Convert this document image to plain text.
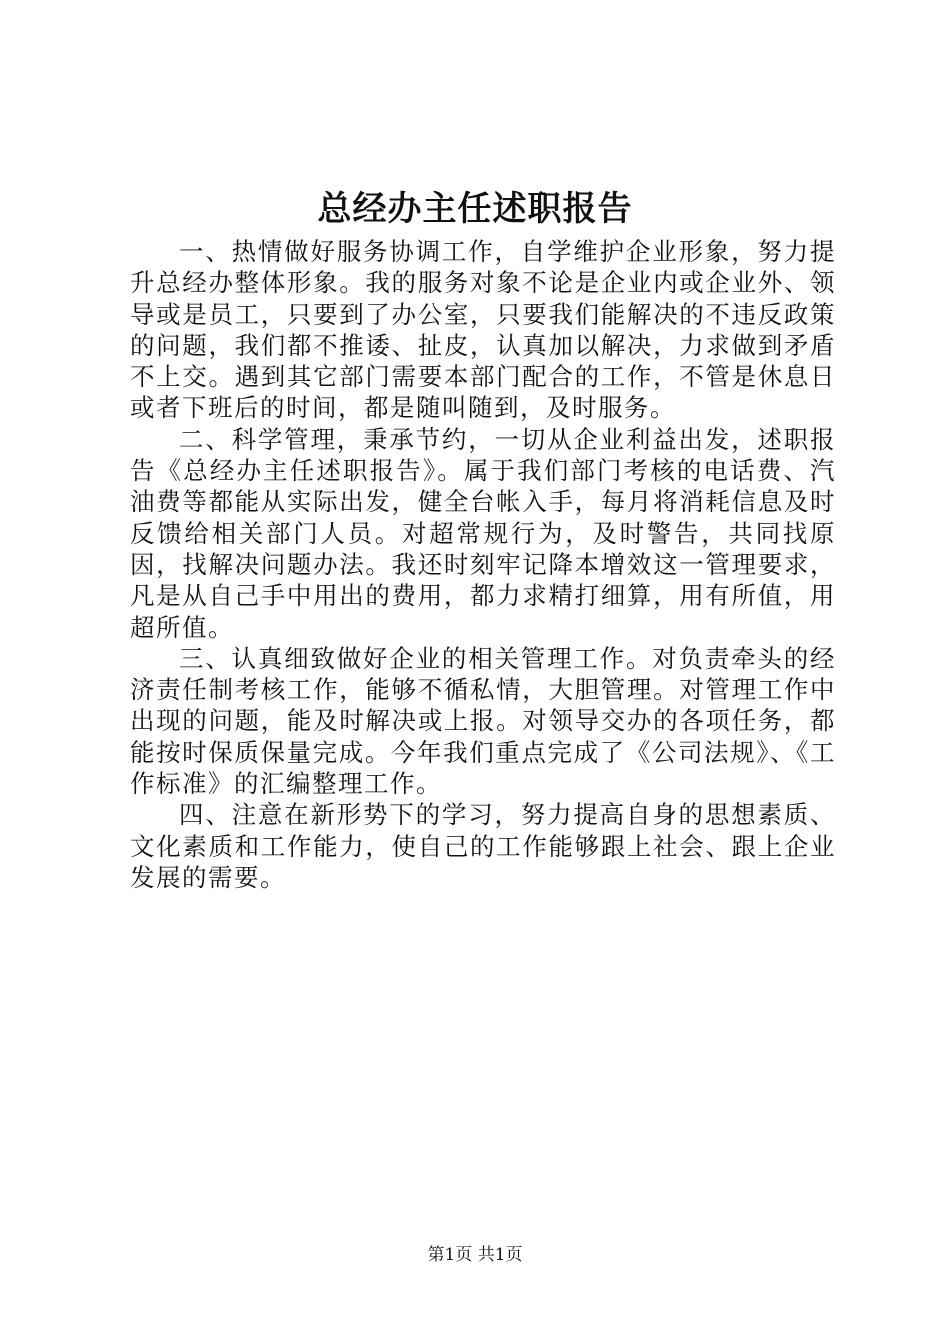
总经办主任述职报告

一、热情做好服务协调工作，自学维护企业形象，努力提升总经办整体形象。我的服务对象不论是企业内或企业外、领导或是员工，只要到了办公室，只要我们能解决的不违反政策的问题，我们都不推诿、扯皮，认真加以解决，力求做到矛盾不上交。遇到其它部门需要本部门配合的工作，不管是休息日或者下班后的时间，都是随叫随到，及时服务。

二、科学管理，秉承节约，一切从企业利益出发，述职报告《总经办主任述职报告》。属于我们部门考核的电话费、汽油费等都能从实际出发，健全台帐入手，每月将消耗信息及时反馈给相关部门人员。对超常规行为，及时警告，共同找原因，找解决问题办法。我还时刻牢记降本增效这一管理要求，凡是从自己手中用出的费用，都力求精打细算，用有所值，用超所值。

三、认真细致做好企业的相关管理工作。对负责牵头的经济责任制考核工作，能够不循私情，大胆管理。对管理工作中出现的问题，能及时解决或上报。对领导交办的各项任务，都能按时保质保量完成。今年我们重点完成了《公司法规》、《工作标准》的汇编整理工作。

四、注意在新形势下的学习，努力提高自身的思想素质、文化素质和工作能力，使自己的工作能够跟上社会、跟上企业发展的需要。

第1页 共1页
